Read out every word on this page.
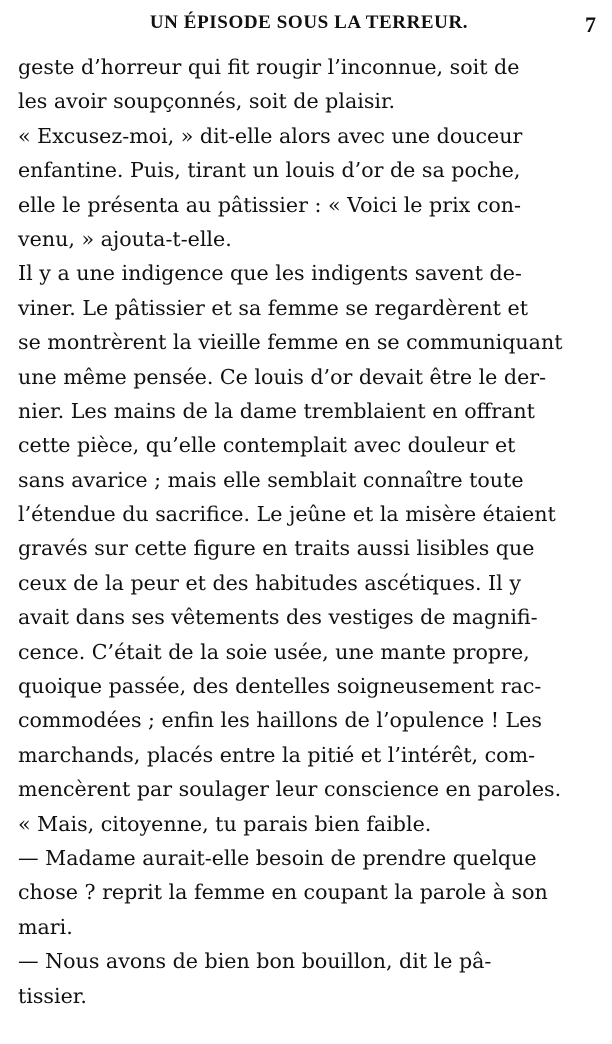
UN ÉPISODE SOUS LA TERREUR.	7
geste d’horreur qui fit rougir l’inconnue, soit de
les avoir soupçonnés, soit de plaisir.
« Excusez-moi, » dit-elle alors avec une douceur
enfantine. Puis, tirant un louis d’or de sa poche,
elle le présenta au pâtissier : « Voici le prix con-
venu, » ajouta-t-elle.
Il y a une indigence que les indigents savent de-
viner. Le pâtissier et sa femme se regardèrent et
se montrèrent la vieille femme en se communiquant
une même pensée. Ce louis d’or devait être le der-
nier. Les mains de la dame tremblaient en offrant
cette pièce, qu’elle contemplait avec douleur et
sans avarice ; mais elle semblait connaître toute
l’étendue du sacrifice. Le jeûne et la misère étaient
gravés sur cette figure en traits aussi lisibles que
ceux de la peur et des habitudes ascétiques. Il y
avait dans ses vêtements des vestiges de magnifi-
cence. C’était de la soie usée, une mante propre,
quoique passée, des dentelles soigneusement rac-
commodées ; enfin les haillons de l’opulence ! Les
marchands, placés entre la pitié et l’intérêt, com-
mencèrent par soulager leur conscience en paroles.
« Mais, citoyenne, tu parais bien faible.
— Madame aurait-elle besoin de prendre quelque
chose ? reprit la femme en coupant la parole à son
mari.
— Nous avons de bien bon bouillon, dit le pâ-
tissier.
